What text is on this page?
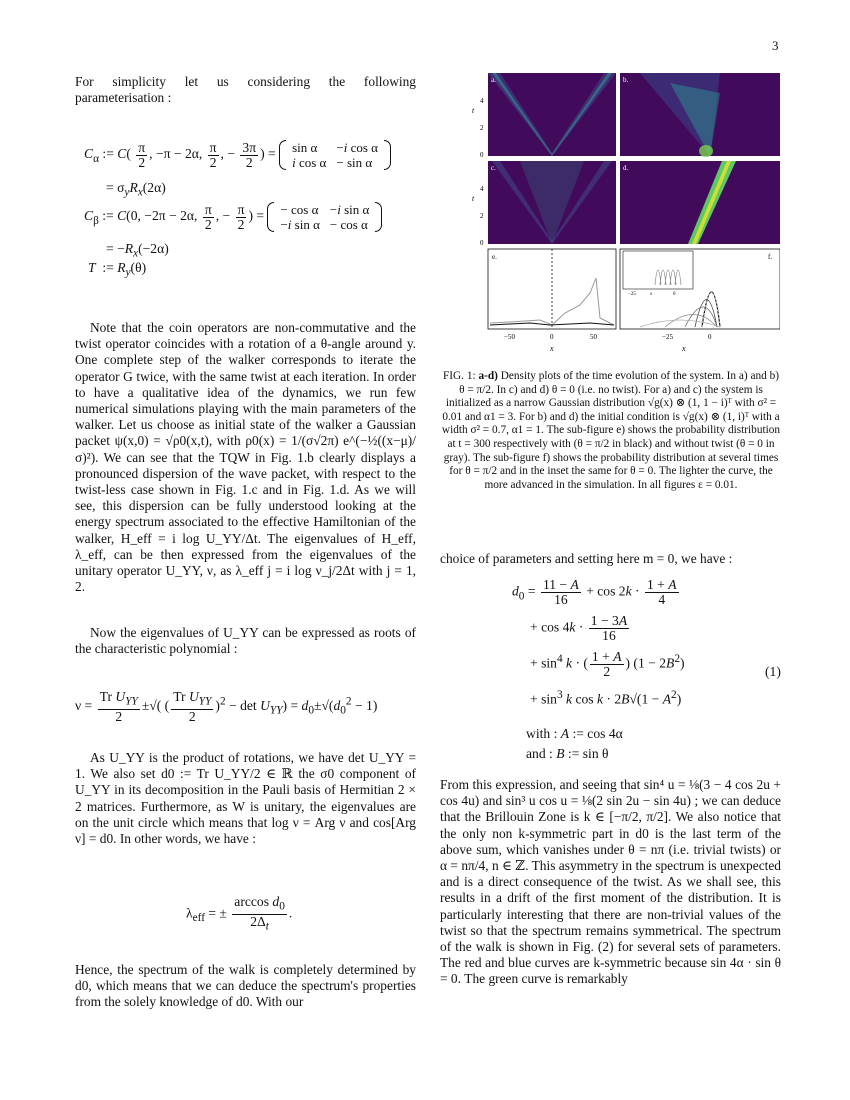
3

For simplicity let us considering the following parameterisation :

$C_\alpha$ := $C( \frac{\pi}{2}$ , −π − 2α, $\frac{\pi}{2}$ , − $\frac{3\pi}{2}$ ) = sin α	−i cos α
i cos α	− sin α
= $\sigma_yR_x(2\alpha)$
$C_\beta$ := C(0, −2π − 2α, $\frac{\pi}{2}$ , − $\frac{\pi}{2}$ ) = − cos α	−i sin α
−i sin α	− cos α
= $-R_x(-2\alpha)$
T  := $R_y(\theta)$

Note that the coin operators are non-commutative and the twist operator coincides with a rotation of a θ-angle around y. One complete step of the walker corresponds to iterate the operator G twice, with the same twist at each iteration. In order to have a qualitative idea of the dynamics, we run few numerical simulations playing with the main parameters of the walker. Let us choose as initial state of the walker a Gaussian packet ψ(x,0) = √ρ0(x,t), with ρ0(x) = 1/(σ√2π) e^(−½((x−μ)/σ)²). We can see that the TQW in Fig. 1.b clearly displays a pronounced dispersion of the wave packet, with respect to the twist-less case shown in Fig. 1.c and in Fig. 1.d. As we will see, this dispersion can be fully understood looking at the energy spectrum associated to the effective Hamiltonian of the walker, H_eff = i log U_YY/Δt. The eigenvalues of H_eff, λ_eff, can be then expressed from the eigenvalues of the unitary operator U_YY, ν, as λ_eff j = i log ν_j/2Δt with j = 1, 2.

Now the eigenvalues of U_YY can be expressed as roots of the characteristic polynomial :

$\nu = \frac{Tr U_{YY}}{2}$ ±√( ( $\frac{Tr U_{YY}}{2} )^2 - \det U_{YY}) = d_0\pm√(d_0^2 - 1)$

As U_YY is the product of rotations, we have det U_YY = 1. We also set d0 := Tr U_YY/2 ∈ ℝ the σ0 component of U_YY in its decomposition in the Pauli basis of Hermitian 2 × 2 matrices. Furthermore, as W is unitary, the eigenvalues are on the unit circle which means that log ν = Arg ν and cos[Arg ν] = d0. In other words, we have :

$\lambda_{eff}$ = ± $\frac{\arccos d_0}{2\Delta_t}$ .

Hence, the spectrum of the walk is completely determined by d0, which means that we can deduce the spectrum's properties from the solely knowledge of d0. With our

a.	b.
c.	d.
t
t
4
2
0
4
2
0
e.
−50	0	50
x
f.
−25	x	0
−25	0
x
FIG. 1: a-d) Density plots of the time evolution of the system. In a) and b) θ = π/2. In c) and d) θ = 0 (i.e. no twist). For a) and c) the system is initialized as a narrow Gaussian distribution √g(x) ⊗ (1, 1 − i)ᵀ with σ² = 0.01 and α1 = 3. For b) and d) the initial condition is √g(x) ⊗ (1, i)ᵀ with a width σ² = 0.7, α1 = 1. The sub-figure e) shows the probability distribution at t = 300 respectively with (θ = π/2 in black) and without twist (θ = 0 in gray). The sub-figure f) shows the probability distribution at several times for θ = π/2 and in the inset the same for θ = 0. The lighter the curve, the more advanced in the simulation. In all figures ε = 0.01.

choice of parameters and setting here m = 0, we have :

$d_0 = \frac{11 - A}{16} + \cos 2k \cdot \frac{1 + A}{4}$
+ $\cos 4k \cdot \frac{1 - 3A}{16}$
+ $\sin^4 k$ · ( $\frac{1 + A}{2}$ ) $(1 - 2B^2)$
(1)
+ $\sin^3 k$ $\cos k \cdot 2B√(1 - A^2)$
with : A := cos 4α
and : B := sin θ

From this expression, and seeing that sin⁴ u = ⅛(3 − 4 cos 2u + cos 4u) and sin³ u cos u = ⅛(2 sin 2u − sin 4u) ; we can deduce that the Brillouin Zone is k ∈ [−π/2, π/2]. We also notice that the only non k-symmetric part in d0 is the last term of the above sum, which vanishes under θ = nπ (i.e. trivial twists) or α = nπ/4, n ∈ ℤ. This asymmetry in the spectrum is unexpected and is a direct consequence of the twist. As we shall see, this results in a drift of the first moment of the distribution. It is particularly interesting that there are non-trivial values of the twist so that the spectrum remains symmetrical. The spectrum of the walk is shown in Fig. (2) for several sets of parameters. The red and blue curves are k-symmetric because sin 4α · sin θ = 0. The green curve is remarkably
